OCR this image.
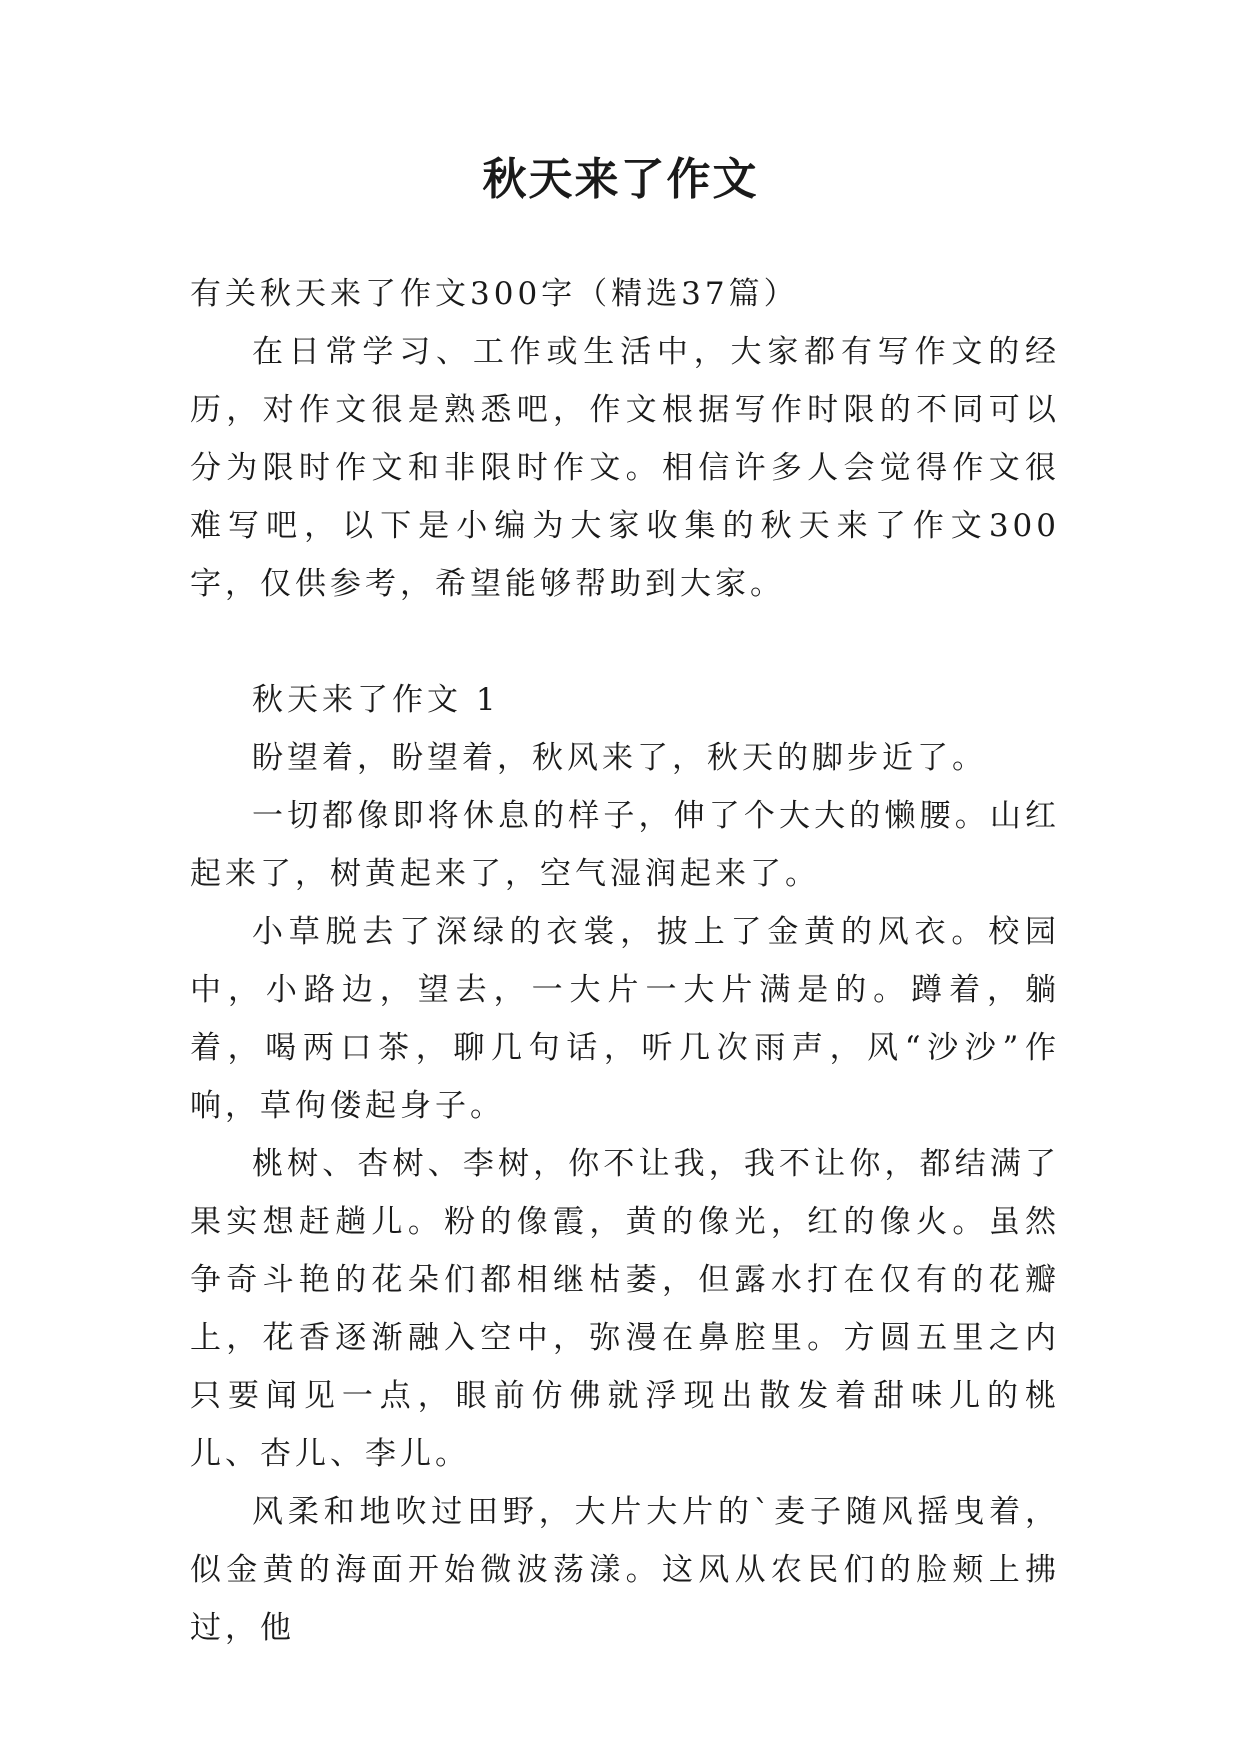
秋天来了作文

有关秋天来了作文300字（精选37篇）

在日常学习、工作或生活中，大家都有写作文的经历，对作文很是熟悉吧，作文根据写作时限的不同可以分为限时作文和非限时作文。相信许多人会觉得作文很难写吧，以下是小编为大家收集的秋天来了作文300字，仅供参考，希望能够帮助到大家。

秋天来了作文 1

盼望着，盼望着，秋风来了，秋天的脚步近了。

一切都像即将休息的样子，伸了个大大的懒腰。山红起来了，树黄起来了，空气湿润起来了。

小草脱去了深绿的衣裳，披上了金黄的风衣。校园中，小路边，望去，一大片一大片满是的。蹲着，躺着，喝两口茶，聊几句话，听几次雨声，风“沙沙”作响，草佝偻起身子。

桃树、杏树、李树，你不让我，我不让你，都结满了果实想赶趟儿。粉的像霞，黄的像光，红的像火。虽然争奇斗艳的花朵们都相继枯萎，但露水打在仅有的花瓣上，花香逐渐融入空中，弥漫在鼻腔里。方圆五里之内只要闻见一点，眼前仿佛就浮现出散发着甜味儿的桃儿、杏儿、李儿。

风柔和地吹过田野，大片大片的`麦子随风摇曳着，似金黄的海面开始微波荡漾。这风从农民们的脸颊上拂过，他
